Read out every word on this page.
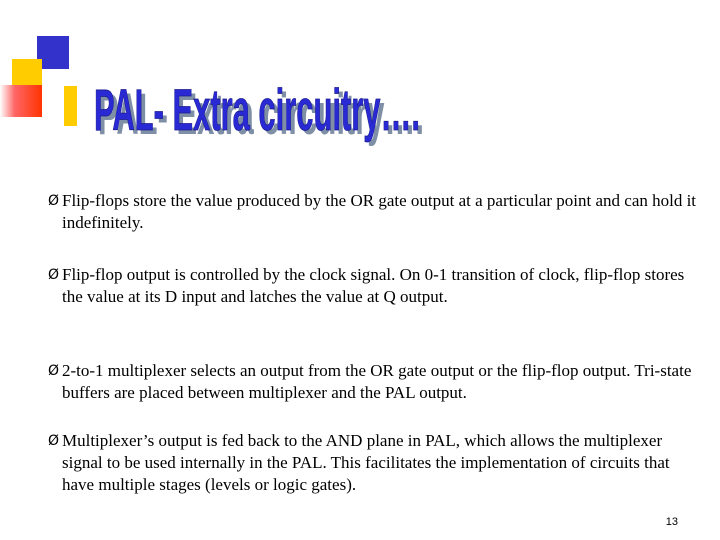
PAL- Extra circuitry….
PAL- Extra circuitry….
Ø Flip-flops store the value produced by the OR gate output at a particular point and can hold it indefinitely.
Ø Flip-flop output is controlled by the clock signal. On 0-1 transition of clock, flip-flop stores the value at its D input and latches the value at Q output.
Ø 2-to-1 multiplexer selects an output from the OR gate output or the flip-flop output. Tri-state buffers are placed between multiplexer and the PAL output.
Ø Multiplexer’s output is fed back to the AND plane in PAL, which allows the multiplexer signal to be used internally in the PAL. This facilitates the implementation of circuits that have multiple stages (levels or logic gates).
13
